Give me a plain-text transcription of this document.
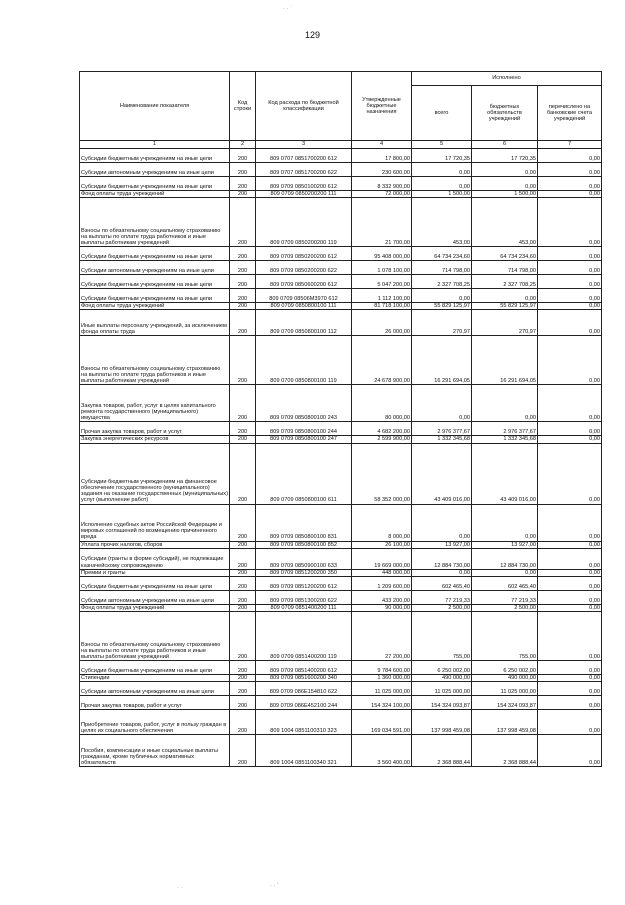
129
· · ˙
· ·	· · '
Наименование показателя	Код строки	Код расхода по бюджетной классификации	Утвержденные бюджетные назначения	Исполнено		
				всего	бюджетных обязательств учреждений	перечислено на банковские счета учреждений
1	2	3	4	5	6	7
Субсидии бюджетным учреждениям на иные цели	200	809 0707 0851700200 612	17 800,00	17 720,35	17 720,35	0,00
Субсидии автономным учреждениям на иные цели	200	809 0707 0851700200 622	230 600,00	0,00	0,00	0,00
Субсидии бюджетным учреждениям на иные цели	200	809 0709 0850100200 612	8 332 900,00	0,00	0,00	0,00
Фонд оплаты труда учреждений	200	809 0709 0850200200 111	72 000,00	1 500,00	1 500,00	0,00
Взносы по обязательному социальному страхованию на выплаты по оплате труда работников и иные выплаты работникам учреждений	200	809 0709 0850200200 119	21 700,00	453,00	453,00	0,00
Субсидии бюджетным учреждениям на иные цели	200	809 0709 0850200200 612	95 408 000,00	64 734 234,60	64 734 234,60	0,00
Субсидии автономным учреждениям на иные цели	200	809 0709 0850200200 622	1 078 100,00	714 798,00	714 798,00	0,00
Субсидии бюджетным учреждениям на иные цели	200	809 0709 0850600200 612	5 047 200,00	2 327 708,25	2 327 708,25	0,00
Субсидии бюджетным учреждениям на иные цели	200	809 0709 08506М3970 612	1 112 100,00	0,00	0,00	0,00
Фонд оплаты труда учреждений	200	809 0709 0850800100 111	81 718 100,00	55 829 125,97	55 829 125,97	0,00
Иные выплаты персоналу учреждений, за исключением фонда оплаты труда	200	809 0709 0850800100 112	26 000,00	270,97	270,97	0,00
Взносы по обязательному социальному страхованию на выплаты по оплате труда работников и иные выплаты работникам учреждений	200	809 0709 0850800100 119	24 678 900,00	16 291 694,05	16 291 694,05	0,00
Закупка товаров, работ, услуг в целях капитального ремонта государственного (муниципального) имущества	200	809 0709 0850800100 243	80 000,00	0,00	0,00	0,00
Прочая закупка товаров, работ и услуг	200	809 0709 0850800100 244	4 682 200,00	2 976 377,67	2 976 377,67	0,00
Закупка энергетических ресурсов	200	809 0709 0850800100 247	2 599 900,00	1 332 345,68	1 332 345,68	0,00
Субсидии бюджетным учреждениям на финансовое обеспечение государственного (муниципального) задания на оказание государственных (муниципальных) услуг (выполнение работ)	200	809 0709 0850800100 611	58 352 000,00	43 409 016,00	43 409 016,00	0,00
Исполнение судебных актов Российской Федерации и мировых соглашений по возмещению причиненного вреда	200	809 0709 0850800100 831	8 000,00	0,00	0,00	0,00
Уплата прочих налогов, сборов	200	809 0709 0850800100 852	26 100,00	13 927,00	13 927,00	0,00
Субсидии (гранты в форме субсидий), не подлежащие казначейскому сопровождению	200	809 0709 0850900100 633	19 669 000,00	12 884 730,00	12 884 730,00	0,00
Премии и гранты	200	809 0709 0851200200 350	448 000,00	0,00	0,00	0,00
Субсидии бюджетным учреждениям на иные цели	200	809 0709 0851200200 612	1 209 600,00	602 465,40	602 465,40	0,00
Субсидии автономным учреждениям на иные цели	200	809 0709 0851300200 622	433 200,00	77 219,33	77 219,33	0,00
Фонд оплаты труда учреждений	200	809 0709 0851400200 111	90 000,00	2 500,00	2 500,00	0,00
Взносы по обязательному социальному страхованию на выплаты по оплате труда работников и иные выплаты работникам учреждений	200	809 0709 0851400200 119	27 200,00	755,00	755,00	0,00
Субсидии бюджетным учреждениям на иные цели	200	809 0709 0851400200 612	9 784 600,00	6 250 002,00	6 250 002,00	0,00
Стипендии	200	809 0709 0851600200 340	1 360 000,00	490 000,00	490 000,00	0,00
Субсидии автономным учреждениям на иные цели	200	809 0709 086Е154810 622	11 025 000,00	11 025 000,00	11 025 000,00	0,00
Прочая закупка товаров, работ и услуг	200	809 0709 086Е452100 244	154 324 100,00	154 324 093,87	154 324 093,87	0,00
Приобретение товаров, работ, услуг в пользу граждан в целях их социального обеспечения	200	809 1004 0851100310 323	169 034 591,00	137 998 459,08	137 998 459,08	0,00
Пособия, компенсации и иные социальные выплаты гражданам, кроме публичных нормативных обязательств	200	809 1004 0851100340 321	3 560 400,00	2 368 888,44	2 368 888,44	0,00
